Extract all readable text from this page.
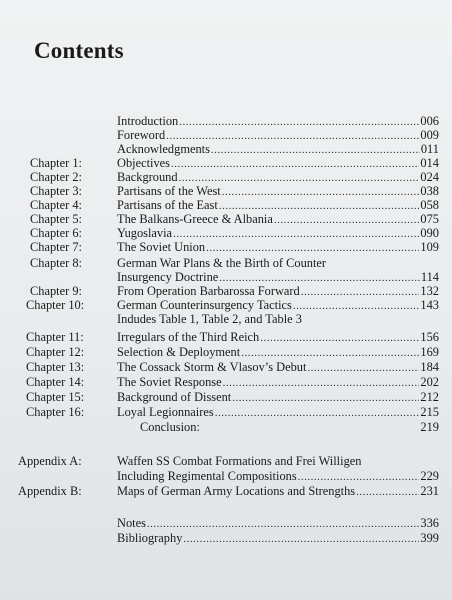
Contents
Introduction .....	006
Foreword .....	009
Acknowledgments .....	011
Chapter 1:	Objectives .....	014
Chapter 2:	Background .....	024
Chapter 3:	Partisans of the West .....	038
Chapter 4:	Partisans of the East .....	058
Chapter 5:	The Balkans-Greece & Albania .....	075
Chapter 6:	Yugoslavia .....	090
Chapter 7:	The Soviet Union .....	109
Chapter 8:	German War Plans & the Birth of Counter
Insurgency Doctrine .....	114
Chapter 9:	From Operation Barbarossa Forward .....	132
Chapter 10:	German Counterinsurgency Tactics .....	143
Indudes Table 1, Table 2, and Table 3
Chapter 11:	Irregulars of the Third Reich .....	156
Chapter 12:	Selection & Deployment .....	169
Chapter 13:	The Cossack Storm & Vlasov’s Debut .....	184
Chapter 14:	The Soviet Response .....	202
Chapter 15:	Background of Dissent .....	212
Chapter 16:	Loyal Legionnaires .....	215
Conclusion:	219
Appendix A:	Waffen SS Combat Formations and Frei Willigen
Including Regimental Compositions .....	229
Appendix B:	Maps of German Army Locations and Strengths .....	231
Notes .....	336
Bibliography .....	399
